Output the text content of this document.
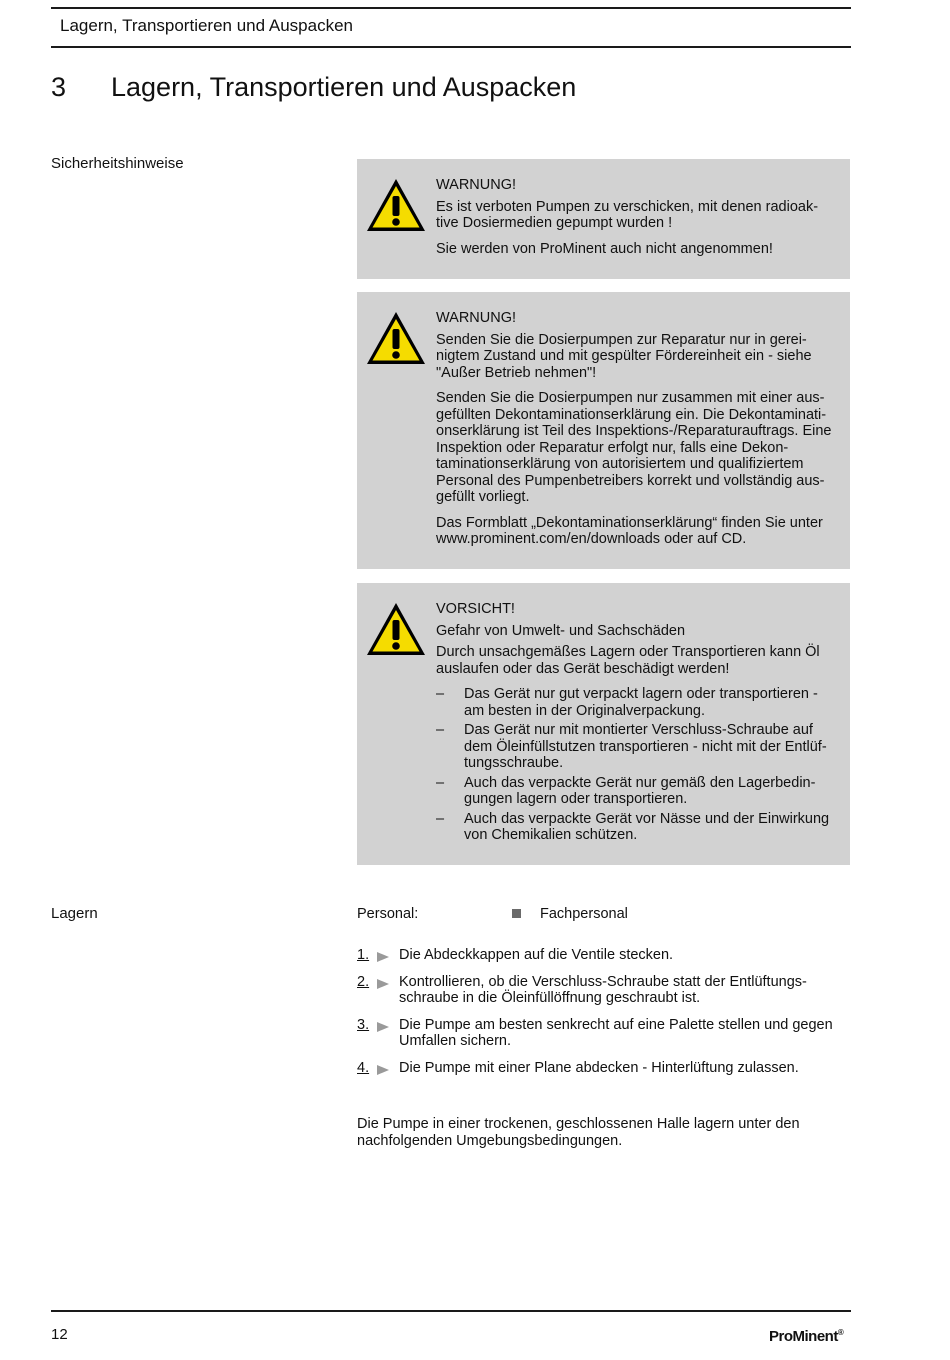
Lagern, Transportieren und Auspacken
3 Lagern, Transportieren und Auspacken
Sicherheitshinweise

WARNUNG!

Es ist verboten Pumpen zu verschicken, mit denen radioak-tive Dosiermedien gepumpt wurden !

Sie werden von ProMinent auch nicht angenommen!

WARNUNG!

Senden Sie die Dosierpumpen zur Reparatur nur in gerei-nigtem Zustand und mit gespülter Fördereinheit ein - siehe "Außer Betrieb nehmen"!

Senden Sie die Dosierpumpen nur zusammen mit einer aus-gefüllten Dekontaminationserklärung ein. Die Dekontaminati-onserklärung ist Teil des Inspektions-/Reparaturauftrags. Eine Inspektion oder Reparatur erfolgt nur, falls eine Dekon-taminationserklärung von autorisiertem und qualifiziertem Personal des Pumpenbetreibers korrekt und vollständig aus-gefüllt vorliegt.

Das Formblatt „Dekontaminationserklärung“ finden Sie unter www.prominent.com/en/downloads oder auf CD.

VORSICHT!

Gefahr von Umwelt- und Sachschäden

Durch unsachgemäßes Lagern oder Transportieren kann Öl auslaufen oder das Gerät beschädigt werden!

– Das Gerät nur gut verpackt lagern oder transportieren - am besten in der Originalverpackung.
– Das Gerät nur mit montierter Verschluss-Schraube auf dem Öleinfüllstutzen transportieren - nicht mit der Entlüf-tungsschraube.
– Auch das verpackte Gerät nur gemäß den Lagerbedin-gungen lagern oder transportieren.
– Auch das verpackte Gerät vor Nässe und der Einwirkung von Chemikalien schützen.
Lagern	Personal:	Fachpersonal
1. Die Abdeckkappen auf die Ventile stecken.
2. Kontrollieren, ob die Verschluss-Schraube statt der Entlüftungs-schraube in die Öleinfüllöffnung geschraubt ist.
3. Die Pumpe am besten senkrecht auf eine Palette stellen und gegen Umfallen sichern.
4. Die Pumpe mit einer Plane abdecken - Hinterlüftung zulassen.
Die Pumpe in einer trockenen, geschlossenen Halle lagern unter den nachfolgenden Umgebungsbedingungen.
12	ProMinent®
